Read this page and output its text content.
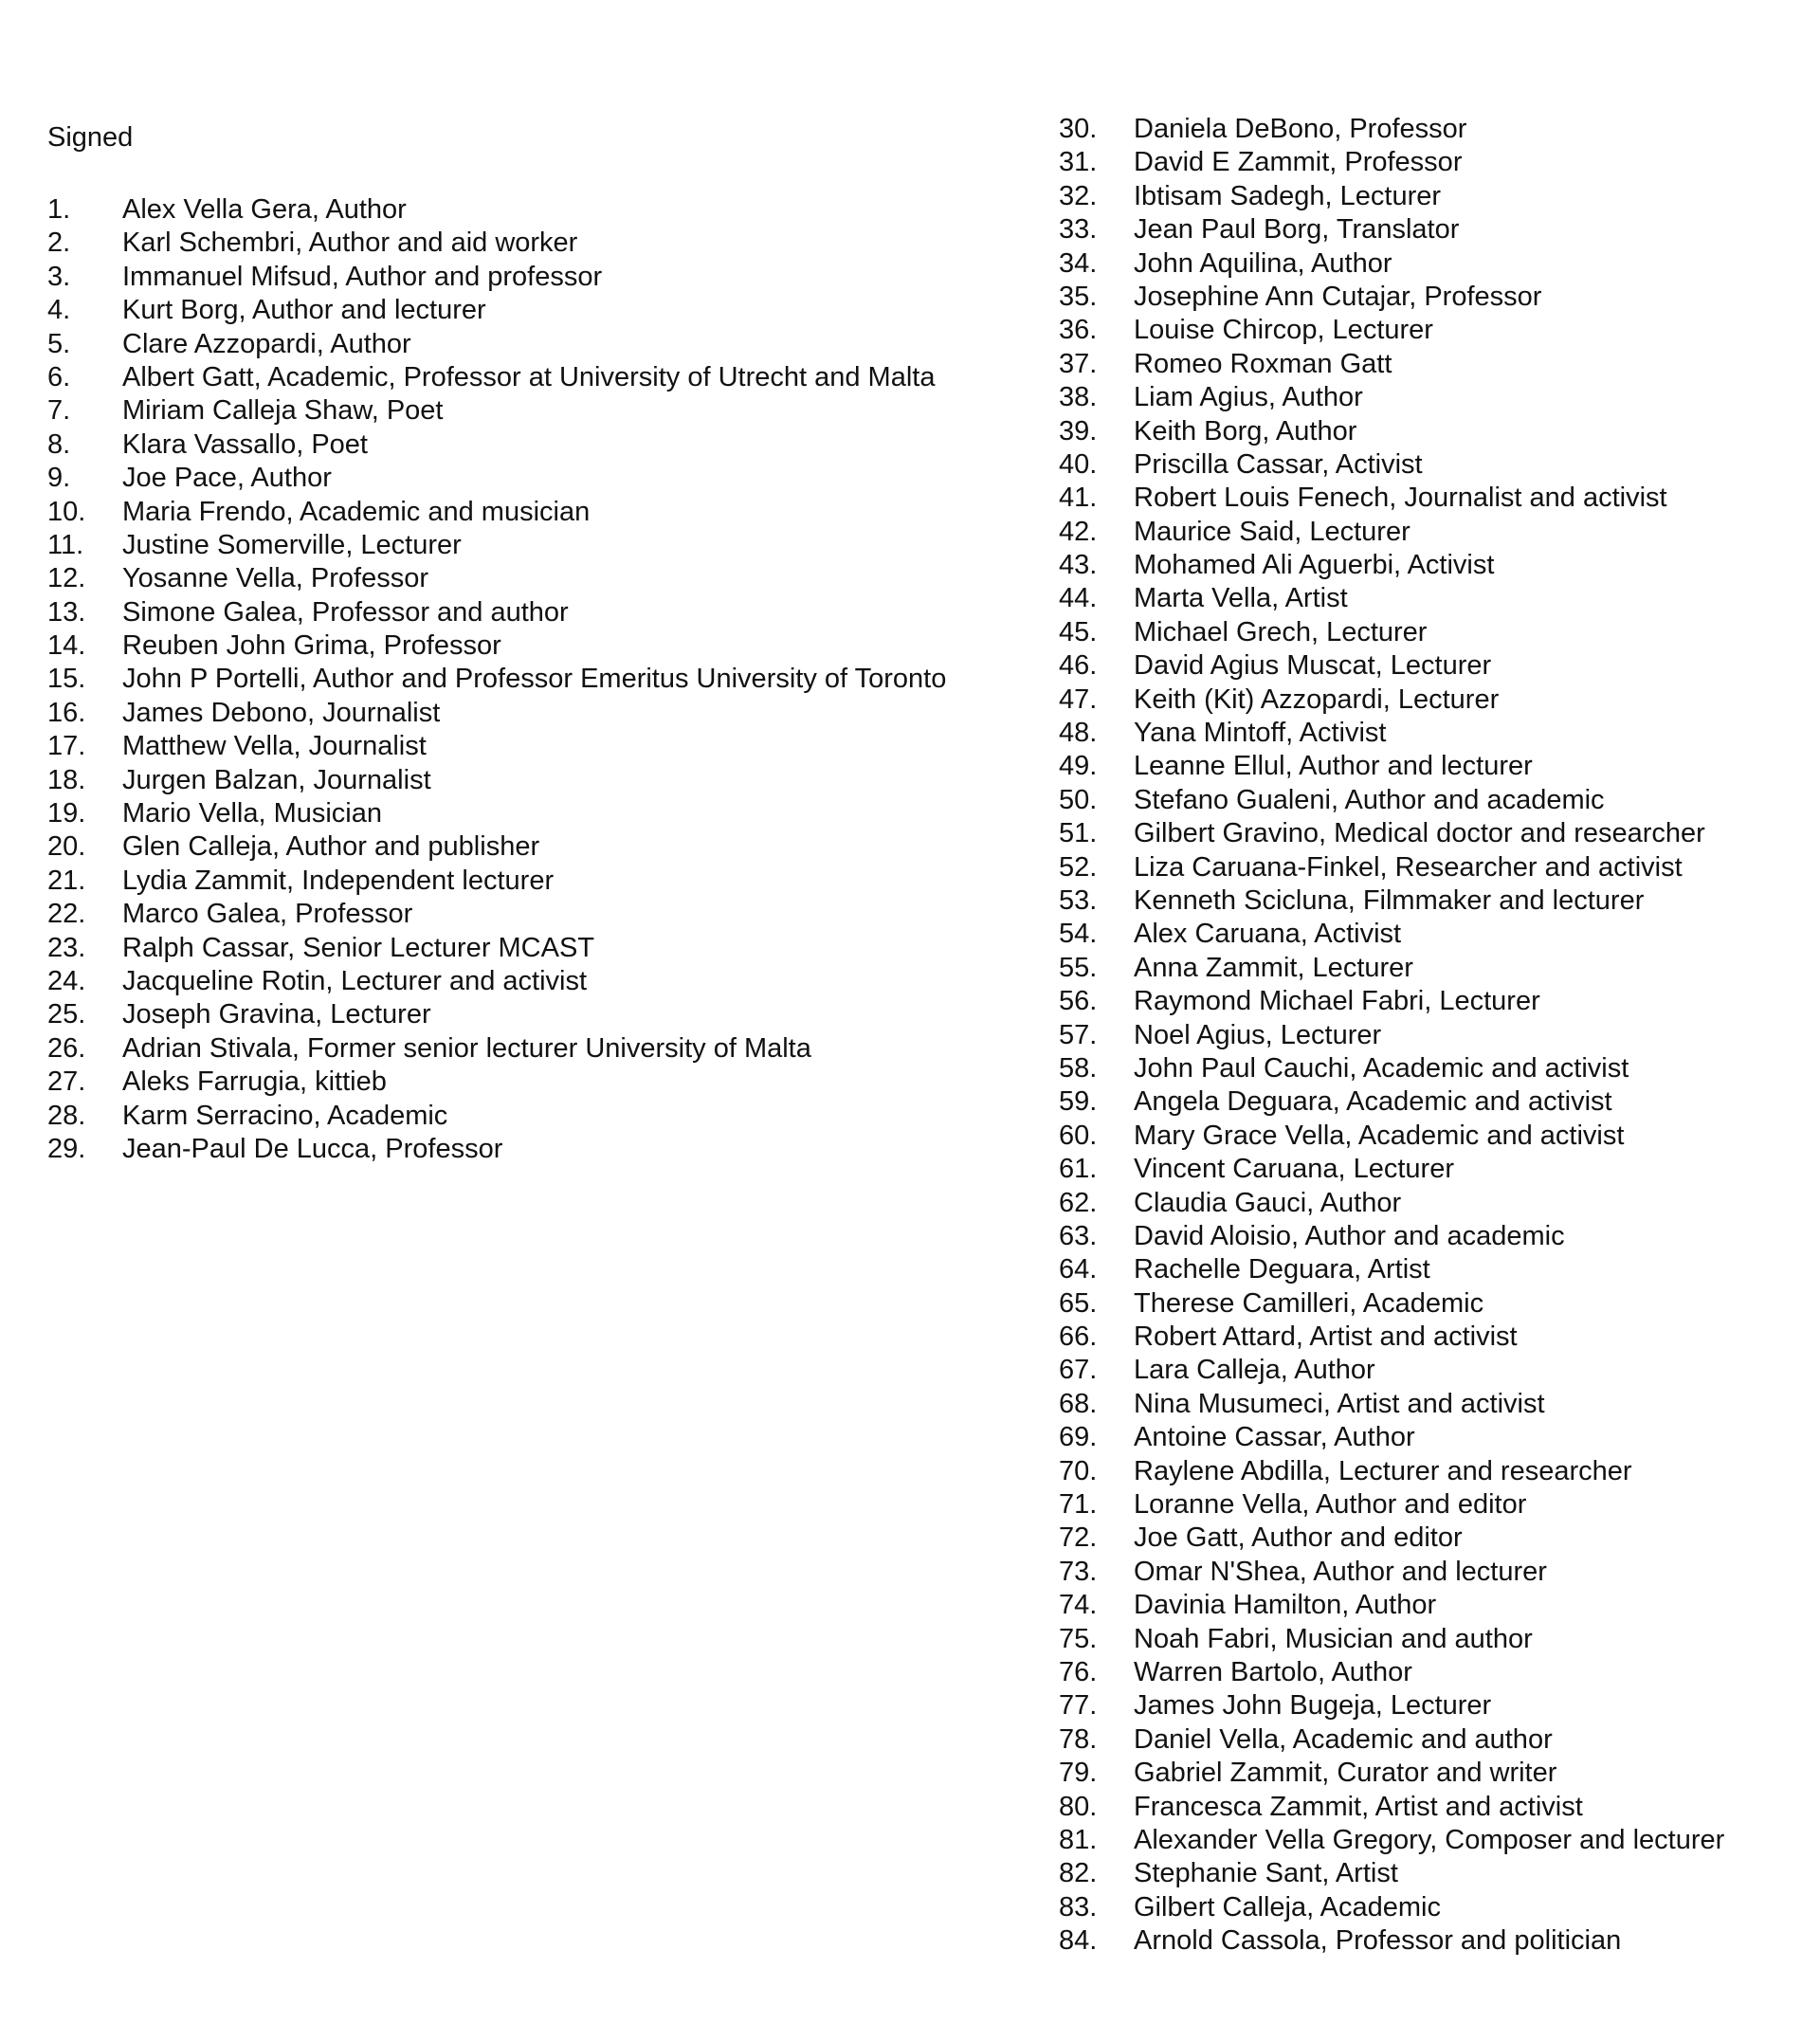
Signed
1.	Alex Vella Gera, Author
2.	Karl Schembri, Author and aid worker
3.	Immanuel Mifsud, Author and professor
4.	Kurt Borg, Author and lecturer
5.	Clare Azzopardi, Author
6.	Albert Gatt, Academic, Professor at University of Utrecht and Malta
7.	Miriam Calleja Shaw, Poet
8.	Klara Vassallo, Poet
9.	Joe Pace, Author
10.	Maria Frendo, Academic and musician
11.	Justine Somerville, Lecturer
12.	Yosanne Vella, Professor
13.	Simone Galea, Professor and author
14.	Reuben John Grima, Professor
15.	John P Portelli, Author and Professor Emeritus University of Toronto
16.	James Debono, Journalist
17.	Matthew Vella, Journalist
18.	Jurgen Balzan, Journalist
19.	Mario Vella, Musician
20.	Glen Calleja, Author and publisher
21.	Lydia Zammit, Independent lecturer
22.	Marco Galea, Professor
23.	Ralph Cassar, Senior Lecturer MCAST
24.	Jacqueline Rotin, Lecturer and activist
25.	Joseph Gravina, Lecturer
26.	Adrian Stivala, Former senior lecturer University of Malta
27.	Aleks Farrugia, kittieb
28.	Karm Serracino, Academic
29.	Jean-Paul De Lucca, Professor
30.	Daniela DeBono, Professor
31.	David E Zammit, Professor
32.	Ibtisam Sadegh, Lecturer
33.	Jean Paul Borg, Translator
34.	John Aquilina, Author
35.	Josephine Ann Cutajar, Professor
36.	Louise Chircop, Lecturer
37.	Romeo Roxman Gatt
38.	Liam Agius, Author
39.	Keith Borg, Author
40.	Priscilla Cassar, Activist
41.	Robert Louis Fenech, Journalist and activist
42.	Maurice Said, Lecturer
43.	Mohamed Ali Aguerbi, Activist
44.	Marta Vella, Artist
45.	Michael Grech, Lecturer
46.	David Agius Muscat, Lecturer
47.	Keith (Kit) Azzopardi, Lecturer
48.	Yana Mintoff, Activist
49.	Leanne Ellul, Author and lecturer
50.	Stefano Gualeni, Author and academic
51.	Gilbert Gravino, Medical doctor and researcher
52.	Liza Caruana-Finkel, Researcher and activist
53.	Kenneth Scicluna, Filmmaker and lecturer
54.	Alex Caruana, Activist
55.	Anna Zammit, Lecturer
56.	Raymond Michael Fabri, Lecturer
57.	Noel Agius, Lecturer
58.	John Paul Cauchi, Academic and activist
59.	Angela Deguara, Academic and activist
60.	Mary Grace Vella, Academic and activist
61.	Vincent Caruana, Lecturer
62.	Claudia Gauci, Author
63.	David Aloisio, Author and academic
64.	Rachelle Deguara, Artist
65.	Therese Camilleri, Academic
66.	Robert Attard, Artist and activist
67.	Lara Calleja, Author
68.	Nina Musumeci, Artist and activist
69.	Antoine Cassar, Author
70.	Raylene Abdilla, Lecturer and researcher
71.	Loranne Vella, Author and editor
72.	Joe Gatt, Author and editor
73.	Omar N'Shea, Author and lecturer
74.	Davinia Hamilton, Author
75.	Noah Fabri, Musician and author
76.	Warren Bartolo, Author
77.	James John Bugeja, Lecturer
78.	Daniel Vella, Academic and author
79.	Gabriel Zammit, Curator and writer
80.	Francesca Zammit, Artist and activist
81.	Alexander Vella Gregory, Composer and lecturer
82.	Stephanie Sant, Artist
83.	Gilbert Calleja, Academic
84.	Arnold Cassola, Professor and politician
